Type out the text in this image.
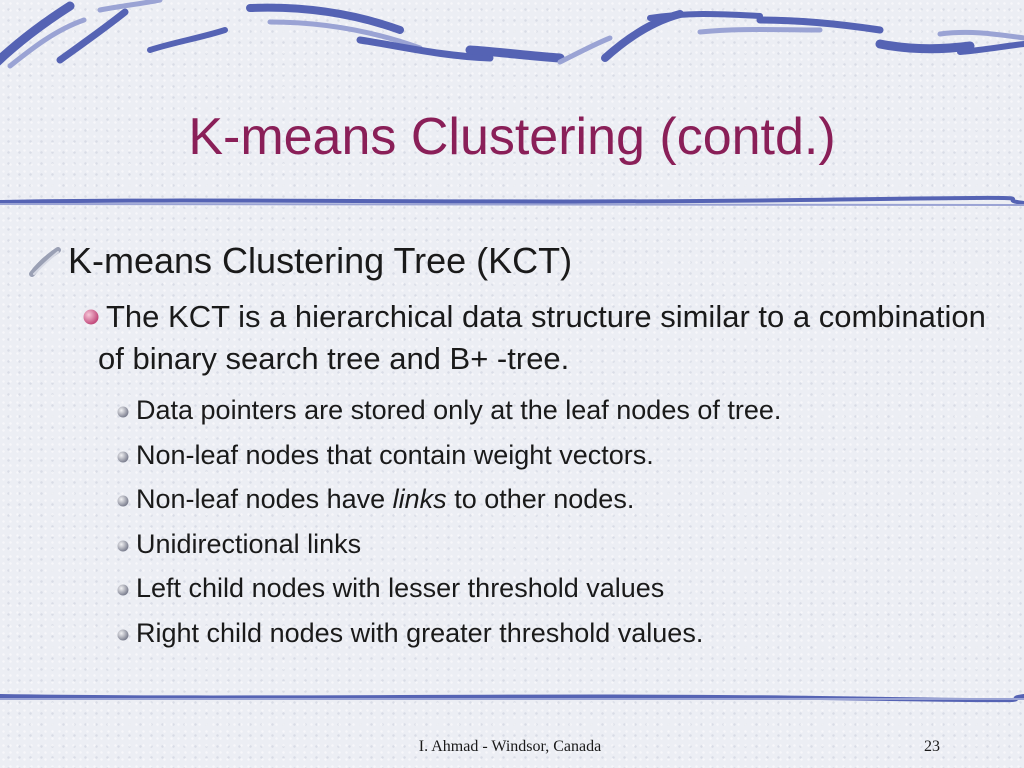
K-means Clustering (contd.)
K-means Clustering Tree (KCT)
The KCT is a hierarchical data structure similar to a combination of binary search tree and B+ -tree.
Data pointers are stored only at the leaf nodes of tree.
Non-leaf nodes that contain weight vectors.
Non-leaf nodes have links to other nodes.
Unidirectional links
Left child nodes with lesser threshold values
Right child nodes with greater threshold values.
I. Ahmad - Windsor, Canada	23
